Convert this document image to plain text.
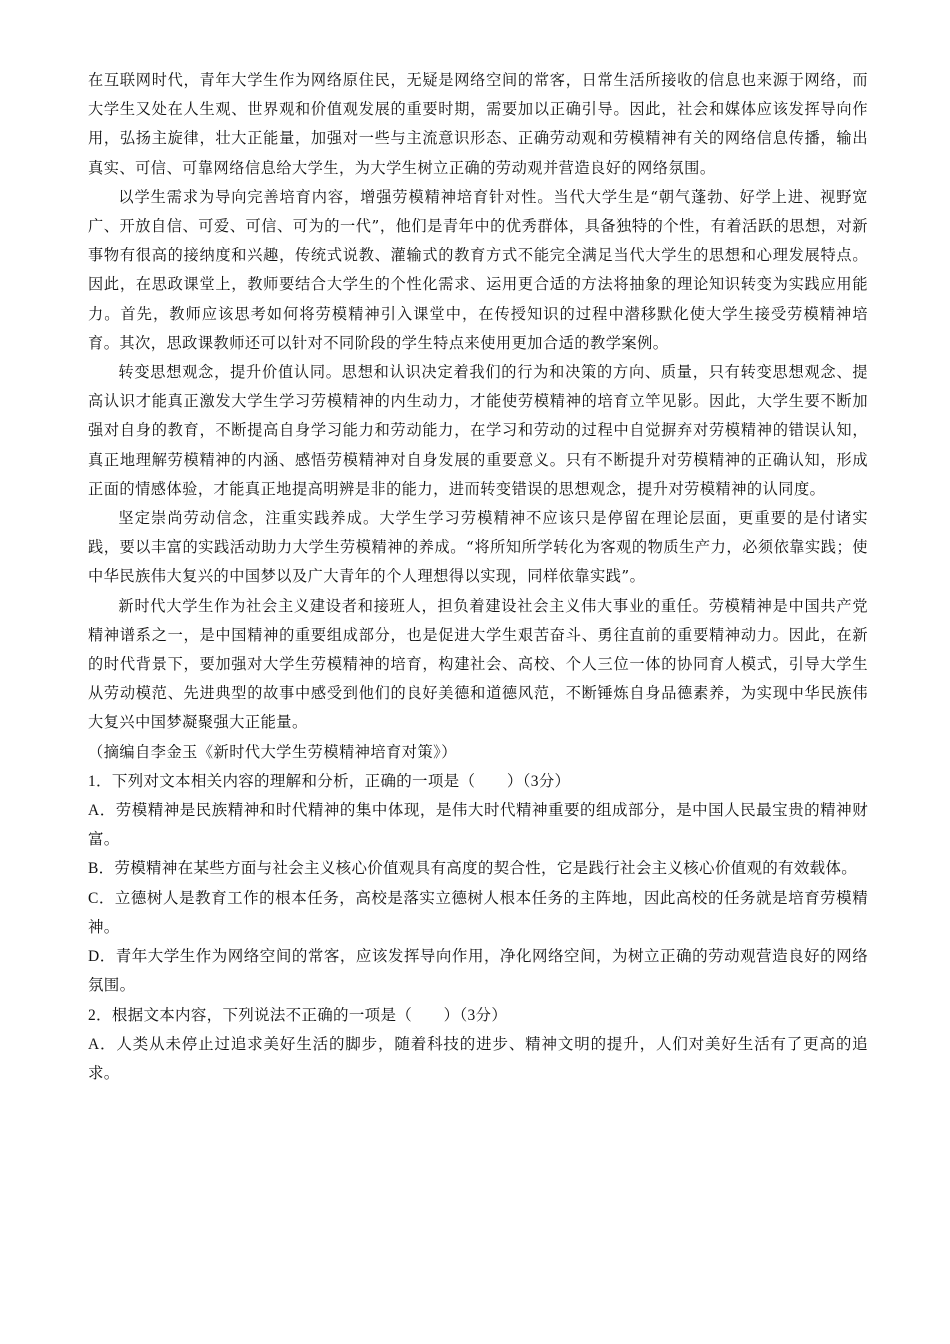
在互联网时代，青年大学生作为网络原住民，无疑是网络空间的常客，日常生活所接收的信息也来源于网络，而大学生又处在人生观、世界观和价值观发展的重要时期，需要加以正确引导。因此，社会和媒体应该发挥导向作用，弘扬主旋律，壮大正能量，加强对一些与主流意识形态、正确劳动观和劳模精神有关的网络信息传播，输出真实、可信、可靠网络信息给大学生，为大学生树立正确的劳动观并营造良好的网络氛围。

以学生需求为导向完善培育内容，增强劳模精神培育针对性。当代大学生是“朝气蓬勃、好学上进、视野宽广、开放自信、可爱、可信、可为的一代”，他们是青年中的优秀群体，具备独特的个性，有着活跃的思想，对新事物有很高的接纳度和兴趣，传统式说教、灌输式的教育方式不能完全满足当代大学生的思想和心理发展特点。因此，在思政课堂上，教师要结合大学生的个性化需求、运用更合适的方法将抽象的理论知识转变为实践应用能力。首先，教师应该思考如何将劳模精神引入课堂中，在传授知识的过程中潜移默化使大学生接受劳模精神培育。其次，思政课教师还可以针对不同阶段的学生特点来使用更加合适的教学案例。

转变思想观念，提升价值认同。思想和认识决定着我们的行为和决策的方向、质量，只有转变思想观念、提高认识才能真正激发大学生学习劳模精神的内生动力，才能使劳模精神的培育立竿见影。因此，大学生要不断加强对自身的教育，不断提高自身学习能力和劳动能力，在学习和劳动的过程中自觉摒弃对劳模精神的错误认知，真正地理解劳模精神的内涵、感悟劳模精神对自身发展的重要意义。只有不断提升对劳模精神的正确认知，形成正面的情感体验，才能真正地提高明辨是非的能力，进而转变错误的思想观念，提升对劳模精神的认同度。

坚定崇尚劳动信念，注重实践养成。大学生学习劳模精神不应该只是停留在理论层面，更重要的是付诸实践，要以丰富的实践活动助力大学生劳模精神的养成。“将所知所学转化为客观的物质生产力，必须依靠实践；使中华民族伟大复兴的中国梦以及广大青年的个人理想得以实现，同样依靠实践”。

新时代大学生作为社会主义建设者和接班人，担负着建设社会主义伟大事业的重任。劳模精神是中国共产党精神谱系之一，是中国精神的重要组成部分，也是促进大学生艰苦奋斗、勇往直前的重要精神动力。因此，在新的时代背景下，要加强对大学生劳模精神的培育，构建社会、高校、个人三位一体的协同育人模式，引导大学生从劳动模范、先进典型的故事中感受到他们的良好美德和道德风范，不断锤炼自身品德素养，为实现中华民族伟大复兴中国梦凝聚强大正能量。

（摘编自李金玉《新时代大学生劳模精神培育对策》）

1．下列对文本相关内容的理解和分析，正确的一项是（　　）（3分）

A．劳模精神是民族精神和时代精神的集中体现，是伟大时代精神重要的组成部分，是中国人民最宝贵的精神财富。

B．劳模精神在某些方面与社会主义核心价值观具有高度的契合性，它是践行社会主义核心价值观的有效载体。

C．立德树人是教育工作的根本任务，高校是落实立德树人根本任务的主阵地，因此高校的任务就是培育劳模精神。

D．青年大学生作为网络空间的常客，应该发挥导向作用，净化网络空间，为树立正确的劳动观营造良好的网络氛围。

2．根据文本内容，下列说法不正确的一项是（　　）（3分）

A．人类从未停止过追求美好生活的脚步，随着科技的进步、精神文明的提升，人们对美好生活有了更高的追求。
